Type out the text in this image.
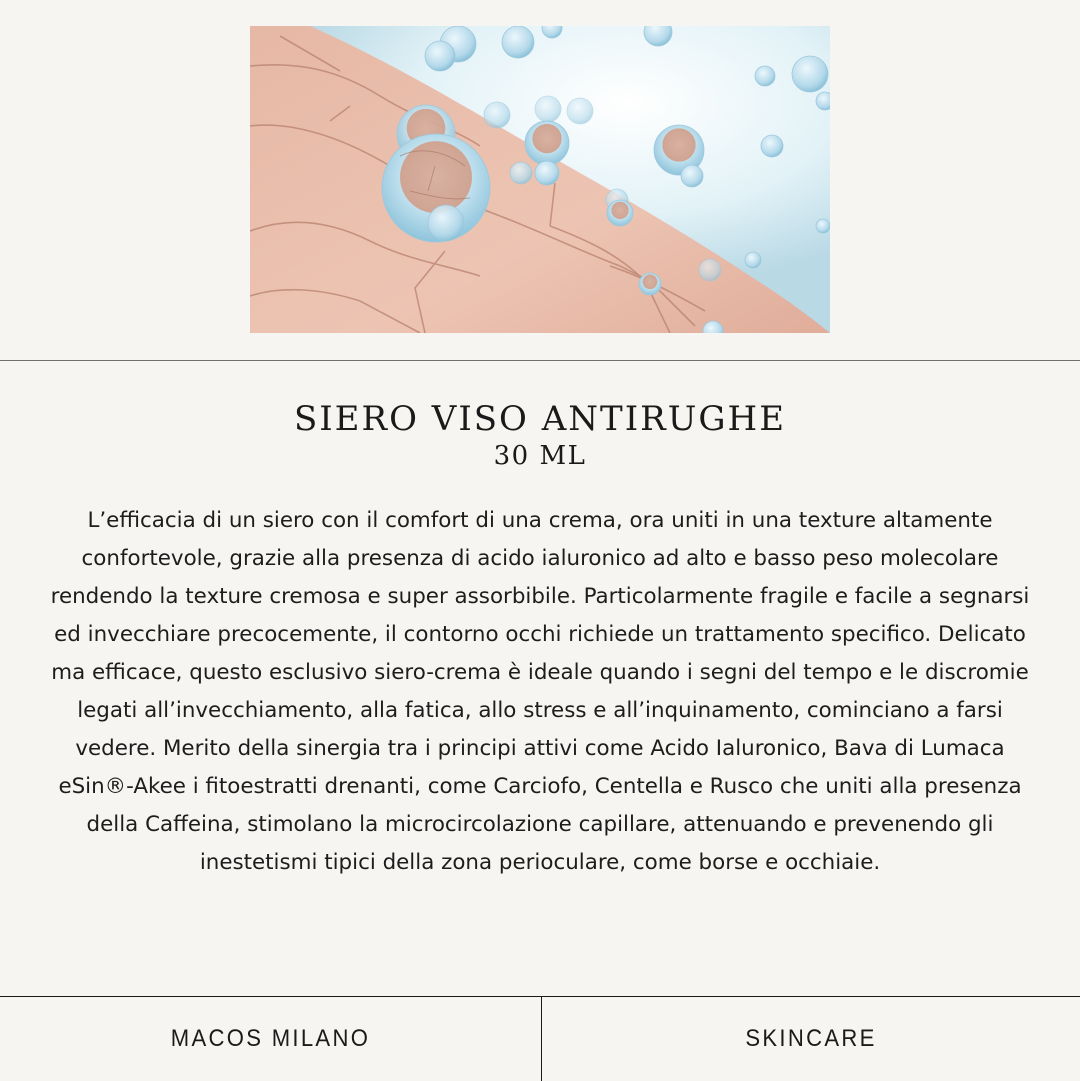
SIERO VISO ANTIRUGHE

30 ML

L’efficacia di un siero con il comfort di una crema, ora uniti in una texture altamente confortevole, grazie alla presenza di acido ialuronico ad alto e basso peso molecolare rendendo la texture cremosa e super assorbibile. Particolarmente fragile e facile a segnarsi ed invecchiare precocemente, il contorno occhi richiede un trattamento specifico. Delicato ma efficace, questo esclusivo siero-crema è ideale quando i segni del tempo e le discromie legati all’invecchiamento, alla fatica, allo stress e all’inquinamento, cominciano a farsi vedere. Merito della sinergia tra i principi attivi come Acido Ialuronico, Bava di Lumaca eSin®-Akee i fitoestratti drenanti, come Carciofo, Centella e Rusco che uniti alla presenza della Caffeina, stimolano la microcircolazione capillare, attenuando e prevenendo gli inestetismi tipici della zona perioculare, come borse e occhiaie.

MACOS MILANO	SKINCARE
